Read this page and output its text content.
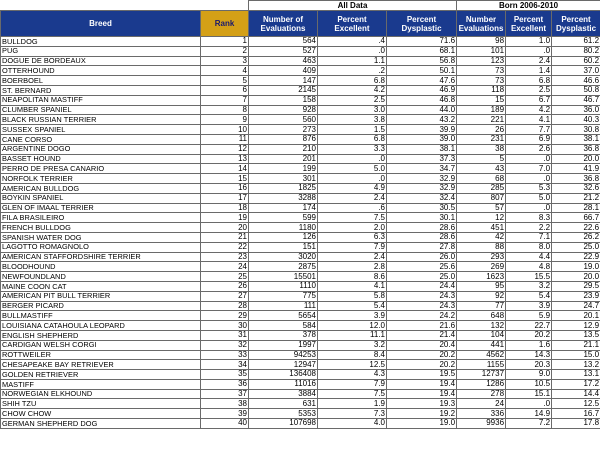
		All Data			Born 2006-2010		
Breed	Rank	Number of Evaluations	Percent Excellent	Percent Dysplastic	Number Evaluations	Percent Excellent	Percent Dysplastic
BULLDOG	1	564	.4	71.6	98	1.0	61.2
PUG	2	527	.0	68.1	101	.0	80.2
DOGUE DE BORDEAUX	3	463	1.1	56.8	123	2.4	60.2
OTTERHOUND	4	409	.2	50.1	73	1.4	37.0
BOERBOEL	5	147	6.8	47.6	73	6.8	46.6
ST. BERNARD	6	2145	4.2	46.9	118	2.5	50.8
NEAPOLITAN MASTIFF	7	158	2.5	46.8	15	6.7	46.7
CLUMBER SPANIEL	8	928	3.0	44.0	189	4.2	36.0
BLACK RUSSIAN TERRIER	9	560	3.8	43.2	221	4.1	40.3
SUSSEX SPANIEL	10	273	1.5	39.9	26	7.7	30.8
CANE CORSO	11	876	6.8	39.0	231	6.9	38.1
ARGENTINE DOGO	12	210	3.3	38.1	38	2.6	36.8
BASSET HOUND	13	201	.0	37.3	5	.0	20.0
PERRO DE PRESA CANARIO	14	199	5.0	34.7	43	7.0	41.9
NORFOLK TERRIER	15	301	.0	32.9	68	.0	36.8
AMERICAN BULLDOG	16	1825	4.9	32.9	285	5.3	32.6
BOYKIN SPANIEL	17	3288	2.4	32.4	807	5.0	21.2
GLEN OF IMAAL TERRIER	18	174	.6	30.5	57	.0	28.1
FILA BRASILEIRO	19	599	7.5	30.1	12	8.3	66.7
FRENCH BULLDOG	20	1180	2.0	28.6	451	2.2	22.6
SPANISH WATER DOG	21	126	6.3	28.6	42	7.1	26.2
LAGOTTO ROMAGNOLO	22	151	7.9	27.8	88	8.0	25.0
AMERICAN STAFFORDSHIRE TERRIER	23	3020	2.4	26.0	293	4.4	22.9
BLOODHOUND	24	2875	2.8	25.6	269	4.8	19.0
NEWFOUNDLAND	25	15501	8.6	25.0	1623	15.5	20.0
MAINE COON CAT	26	1110	4.1	24.4	95	3.2	29.5
AMERICAN PIT BULL TERRIER	27	775	5.8	24.3	92	5.4	23.9
BERGER PICARD	28	111	5.4	24.3	77	3.9	24.7
BULLMASTIFF	29	5654	3.9	24.2	648	5.9	20.1
LOUISIANA CATAHOULA LEOPARD	30	584	12.0	21.6	132	22.7	12.9
ENGLISH SHEPHERD	31	378	11.1	21.4	104	20.2	13.5
CARDIGAN WELSH CORGI	32	1997	3.2	20.4	441	1.6	21.1
ROTTWEILER	33	94253	8.4	20.2	4562	14.3	15.0
CHESAPEAKE BAY RETRIEVER	34	12947	12.5	20.2	1155	20.3	13.2
GOLDEN RETRIEVER	35	136408	4.3	19.5	12737	9.0	13.1
MASTIFF	36	11016	7.9	19.4	1286	10.5	17.2
NORWEGIAN ELKHOUND	37	3884	7.5	19.4	278	15.1	14.4
SHIH TZU	38	631	1.9	19.3	24	.0	12.5
CHOW CHOW	39	5353	7.3	19.2	336	14.9	16.7
GERMAN SHEPHERD DOG	40	107698	4.0	19.0	9936	7.2	17.8
